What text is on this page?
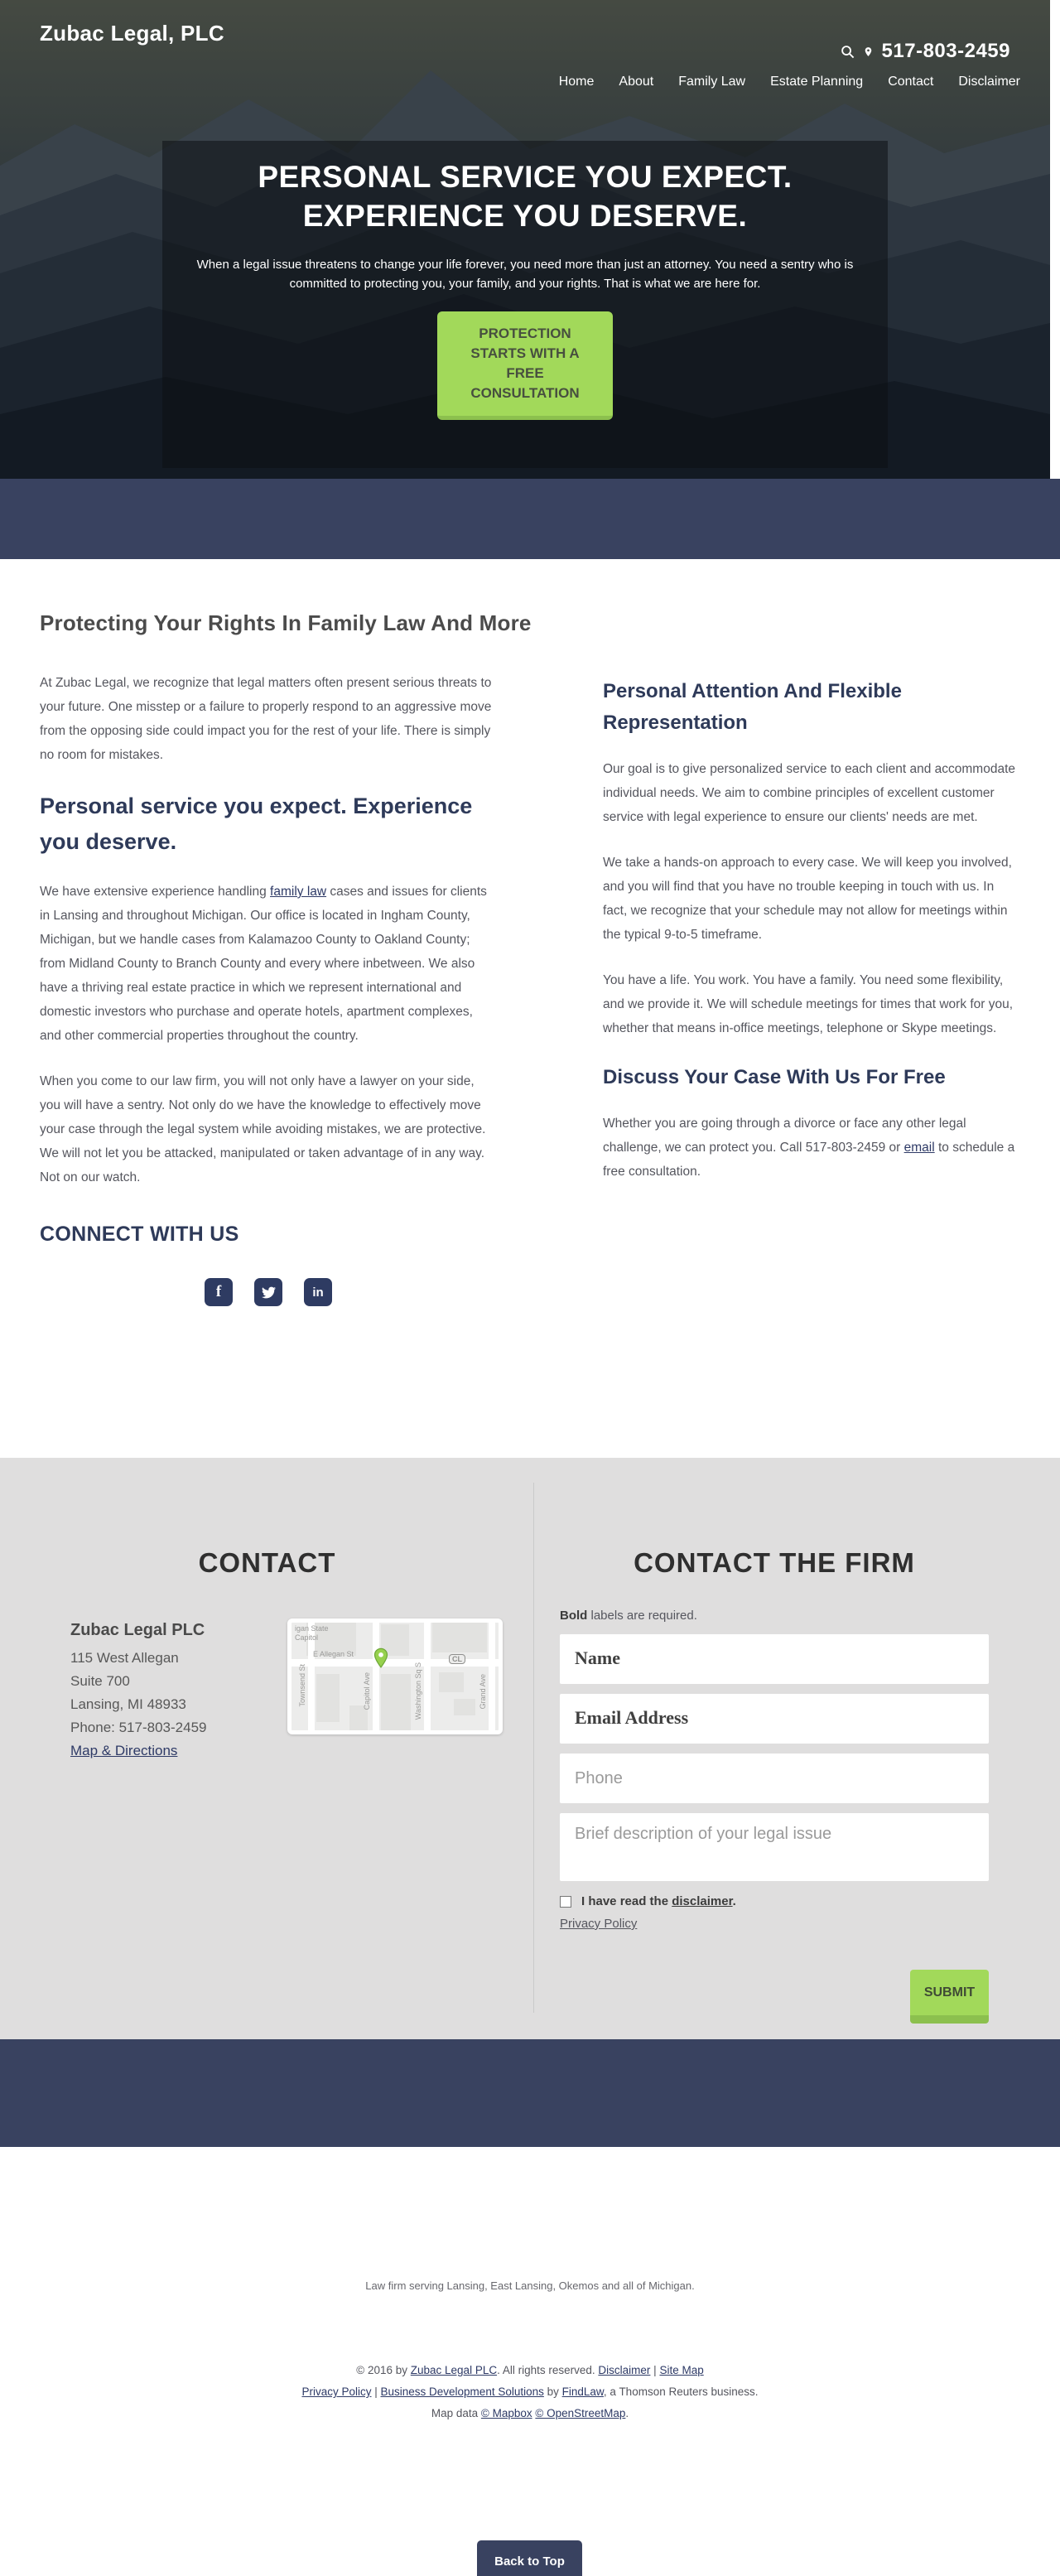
Zubac Legal, PLC
517-803-2459
Home About Family Law Estate Planning Contact Disclaimer
PERSONAL SERVICE YOU EXPECT.
EXPERIENCE YOU DESERVE.
When a legal issue threatens to change your life forever, you need more than just an attorney. You need a sentry who is committed to protecting you, your family, and your rights. That is what we are here for.
PROTECTION STARTS WITH A FREE CONSULTATION
Protecting Your Rights In Family Law And More

At Zubac Legal, we recognize that legal matters often present serious threats to your future. One misstep or a failure to properly respond to an aggressive move from the opposing side could impact you for the rest of your life. There is simply no room for mistakes.

Personal service you expect. Experience you deserve.

We have extensive experience handling family law cases and issues for clients in Lansing and throughout Michigan. Our office is located in Ingham County, Michigan, but we handle cases from Kalamazoo County to Oakland County; from Midland County to Branch County and every where inbetween. We also have a thriving real estate practice in which we represent international and domestic investors who purchase and operate hotels, apartment complexes, and other commercial properties throughout the country.

When you come to our law firm, you will not only have a lawyer on your side, you will have a sentry. Not only do we have the knowledge to effectively move your case through the legal system while avoiding mistakes, we are protective. We will not let you be attacked, manipulated or taken advantage of in any way. Not on our watch.

CONNECT WITH US
f	in
Personal Attention And Flexible Representation

Our goal is to give personalized service to each client and accommodate individual needs. We aim to combine principles of excellent customer service with legal experience to ensure our clients' needs are met.

We take a hands-on approach to every case. We will keep you involved, and you will find that you have no trouble keeping in touch with us. In fact, we recognize that your schedule may not allow for meetings within the typical 9-to-5 timeframe.

You have a life. You work. You have a family. You need some flexibility, and we provide it. We will schedule meetings for times that work for you, whether that means in-office meetings, telephone or Skype meetings.

Discuss Your Case With Us For Free

Whether you are going through a divorce or face any other legal challenge, we can protect you. Call 517-803-2459 or email to schedule a free consultation.

CONTACT
Zubac Legal PLC
115 West Allegan
Suite 700
Lansing, MI 48933
Phone: 517-803-2459
Map & Directions
igan State
Capitol
E Allegan St
Townsend St	Capitol Ave	Washington Sq S	Grand Ave
CL
CONTACT THE FIRM
Bold labels are required.
Name
Email Address
Phone
Brief description of your legal issue
I have read the disclaimer.
Privacy Policy
SUBMIT
Law firm serving Lansing, East Lansing, Okemos and all of Michigan.
© 2016 by Zubac Legal PLC. All rights reserved. Disclaimer | Site Map
Privacy Policy | Business Development Solutions by FindLaw, a Thomson Reuters business.
Map data © Mapbox © OpenStreetMap.
Back to Top
